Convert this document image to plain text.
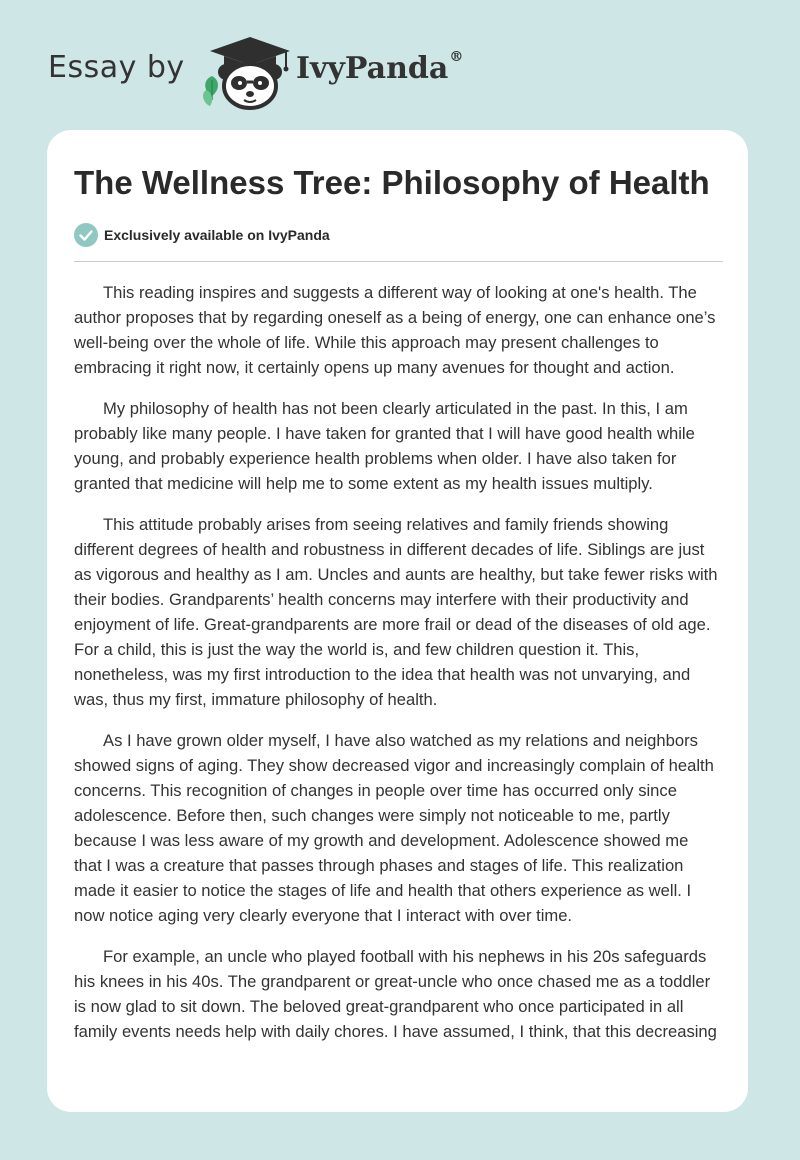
Essay by	IvyPanda®
The Wellness Tree: Philosophy of Health
Exclusively available on IvyPanda

This reading inspires and suggests a different way of looking at one's health. The
author proposes that by regarding oneself as a being of energy, one can enhance one’s
well-being over the whole of life. While this approach may present challenges to
embracing it right now, it certainly opens up many avenues for thought and action.

My philosophy of health has not been clearly articulated in the past. In this, I am
probably like many people. I have taken for granted that I will have good health while
young, and probably experience health problems when older. I have also taken for
granted that medicine will help me to some extent as my health issues multiply.

This attitude probably arises from seeing relatives and family friends showing
different degrees of health and robustness in different decades of life. Siblings are just
as vigorous and healthy as I am. Uncles and aunts are healthy, but take fewer risks with
their bodies. Grandparents’ health concerns may interfere with their productivity and
enjoyment of life. Great-grandparents are more frail or dead of the diseases of old age.
For a child, this is just the way the world is, and few children question it. This,
nonetheless, was my first introduction to the idea that health was not unvarying, and
was, thus my first, immature philosophy of health.

As I have grown older myself, I have also watched as my relations and neighbors
showed signs of aging. They show decreased vigor and increasingly complain of health
concerns. This recognition of changes in people over time has occurred only since
adolescence. Before then, such changes were simply not noticeable to me, partly
because I was less aware of my growth and development. Adolescence showed me
that I was a creature that passes through phases and stages of life. This realization
made it easier to notice the stages of life and health that others experience as well. I
now notice aging very clearly everyone that I interact with over time.

For example, an uncle who played football with his nephews in his 20s safeguards
his knees in his 40s. The grandparent or great-uncle who once chased me as a toddler
is now glad to sit down. The beloved great-grandparent who once participated in all
family events needs help with daily chores. I have assumed, I think, that this decreasing
